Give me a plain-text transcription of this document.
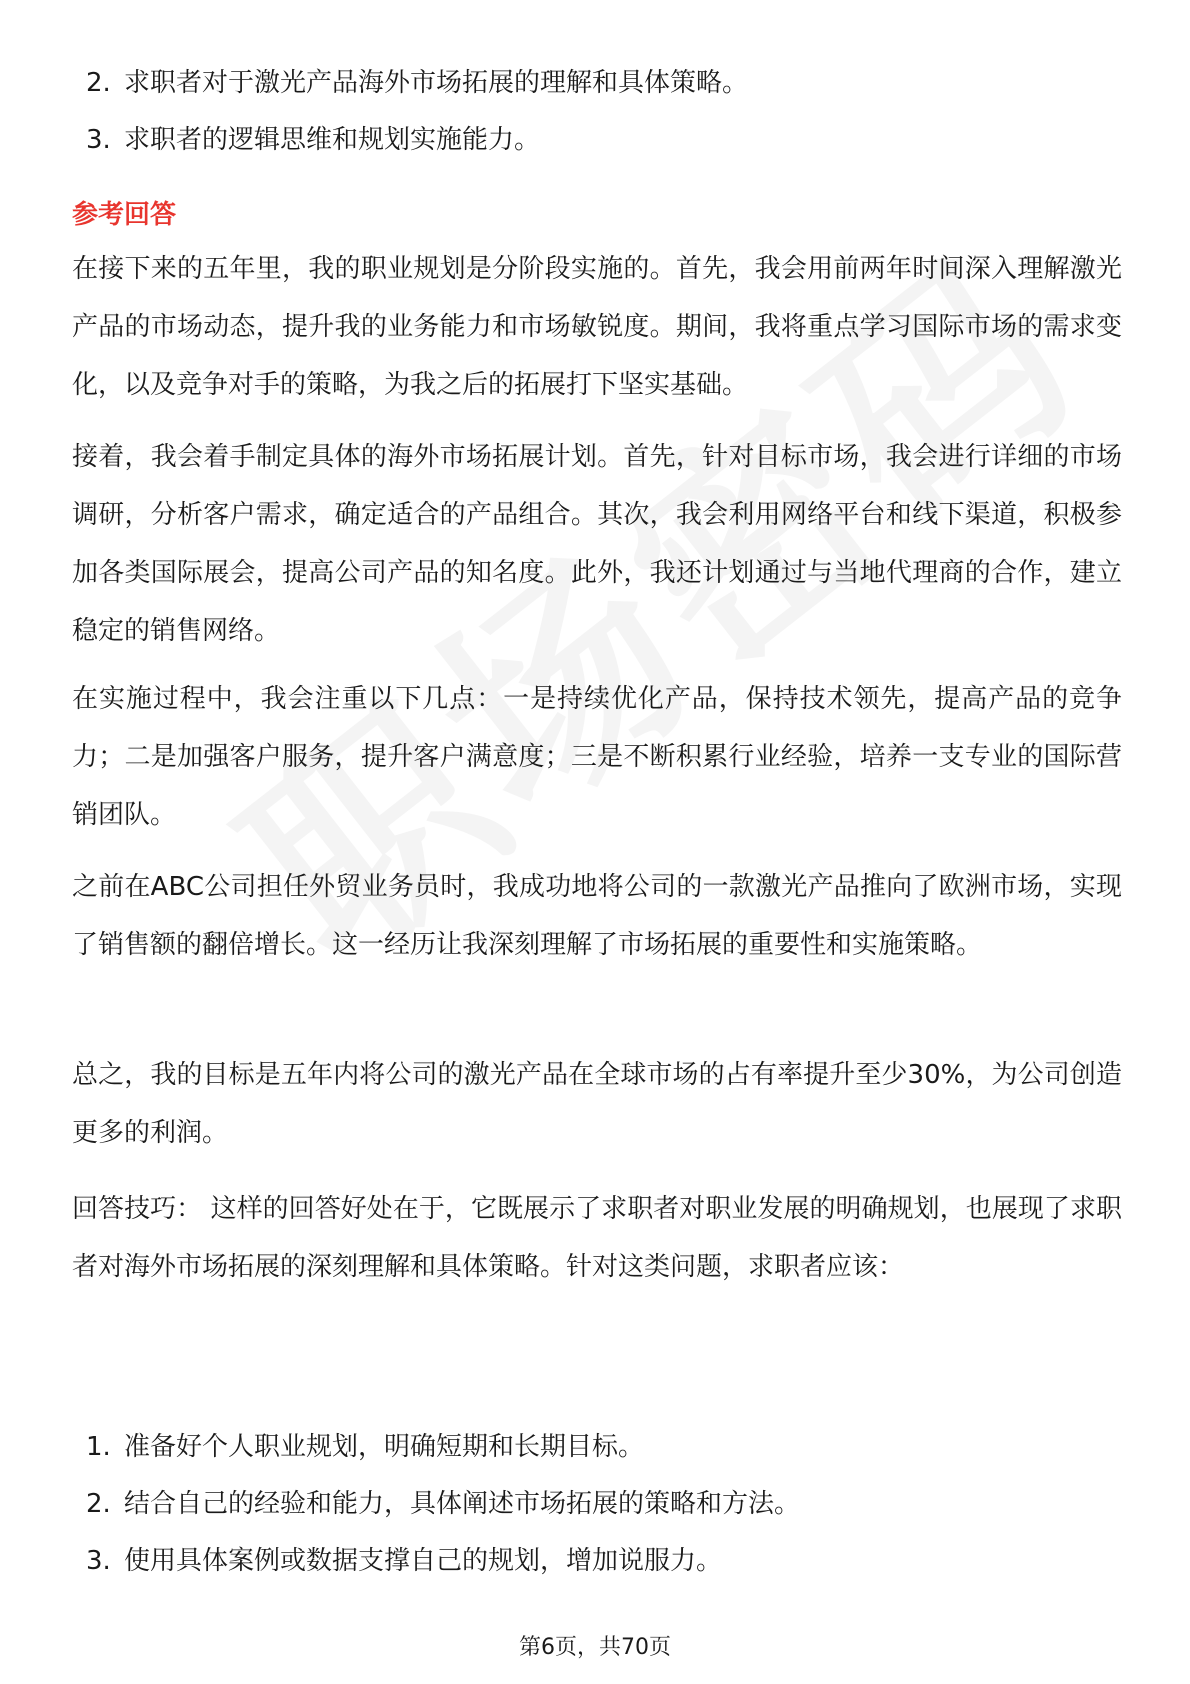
2. 求职者对于激光产品海外市场拓展的理解和具体策略。
3. 求职者的逻辑思维和规划实施能力。
参考回答

在接下来的五年里，我的职业规划是分阶段实施的。首先，我会用前两年时间深入理解激光产品的市场动态，提升我的业务能力和市场敏锐度。期间，我将重点学习国际市场的需求变化，以及竞争对手的策略，为我之后的拓展打下坚实基础。

接着，我会着手制定具体的海外市场拓展计划。首先，针对目标市场，我会进行详细的市场调研，分析客户需求，确定适合的产品组合。其次，我会利用网络平台和线下渠道，积极参加各类国际展会，提高公司产品的知名度。此外，我还计划通过与当地代理商的合作，建立稳定的销售网络。

在实施过程中，我会注重以下几点：一是持续优化产品，保持技术领先，提高产品的竞争力；二是加强客户服务，提升客户满意度；三是不断积累行业经验，培养一支专业的国际营销团队。

之前在ABC公司担任外贸业务员时，我成功地将公司的一款激光产品推向了欧洲市场，实现了销售额的翻倍增长。这一经历让我深刻理解了市场拓展的重要性和实施策略。

总之，我的目标是五年内将公司的激光产品在全球市场的占有率提升至少30%，为公司创造更多的利润。

回答技巧： 这样的回答好处在于，它既展示了求职者对职业发展的明确规划，也展现了求职者对海外市场拓展的深刻理解和具体策略。针对这类问题，求职者应该：

1. 准备好个人职业规划，明确短期和长期目标。
2. 结合自己的经验和能力，具体阐述市场拓展的策略和方法。
3. 使用具体案例或数据支撑自己的规划，增加说服力。
第6页，共70页
